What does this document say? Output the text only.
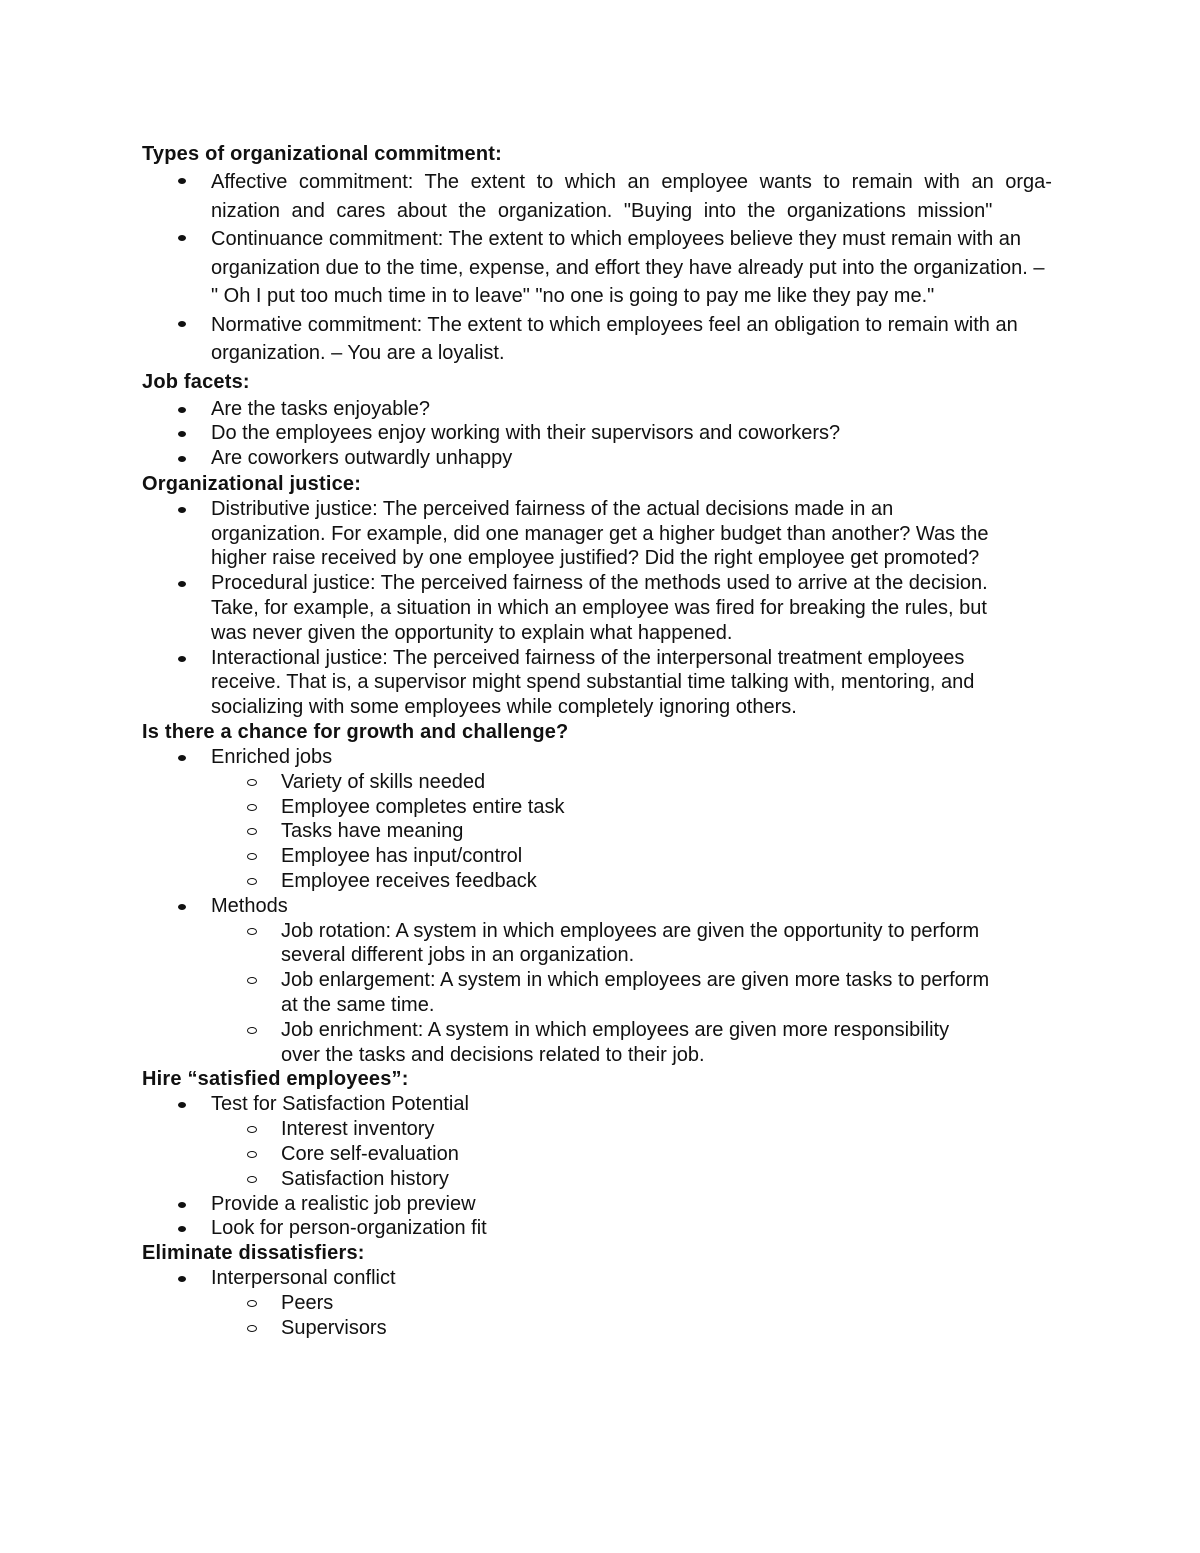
Types of organizational commitment:
Affective commitment: The extent to which an employee wants to remain with an orga-nization and cares about the organization. "Buying into the organizations mission"
Continuance commitment: The extent to which employees believe they must remain with an organization due to the time, expense, and effort they have already put into the organization. – " Oh I put too much time in to leave" "no one is going to pay me like they pay me."
Normative commitment: The extent to which employees feel an obligation to remain with an organization. – You are a loyalist.
Job facets:
Are the tasks enjoyable?
Do the employees enjoy working with their supervisors and coworkers?
Are coworkers outwardly unhappy
Organizational justice:
Distributive justice: The perceived fairness of the actual decisions made in an organization. For example, did one manager get a higher budget than another? Was the higher raise received by one employee justified? Did the right employee get promoted?
Procedural justice: The perceived fairness of the methods used to arrive at the decision. Take, for example, a situation in which an employee was fired for breaking the rules, but was never given the opportunity to explain what happened.
Interactional justice: The perceived fairness of the interpersonal treatment employees receive. That is, a supervisor might spend substantial time talking with, mentoring, and socializing with some employees while completely ignoring others.
Is there a chance for growth and challenge?
Enriched jobs
Variety of skills needed
Employee completes entire task
Tasks have meaning
Employee has input/control
Employee receives feedback
Methods
Job rotation: A system in which employees are given the opportunity to perform several different jobs in an organization.
Job enlargement: A system in which employees are given more tasks to perform at the same time.
Job enrichment: A system in which employees are given more responsibility over the tasks and decisions related to their job.
Hire “satisfied employees”:
Test for Satisfaction Potential
Interest inventory
Core self-evaluation
Satisfaction history
Provide a realistic job preview
Look for person-organization fit
Eliminate dissatisfiers:
Interpersonal conflict
Peers
Supervisors
